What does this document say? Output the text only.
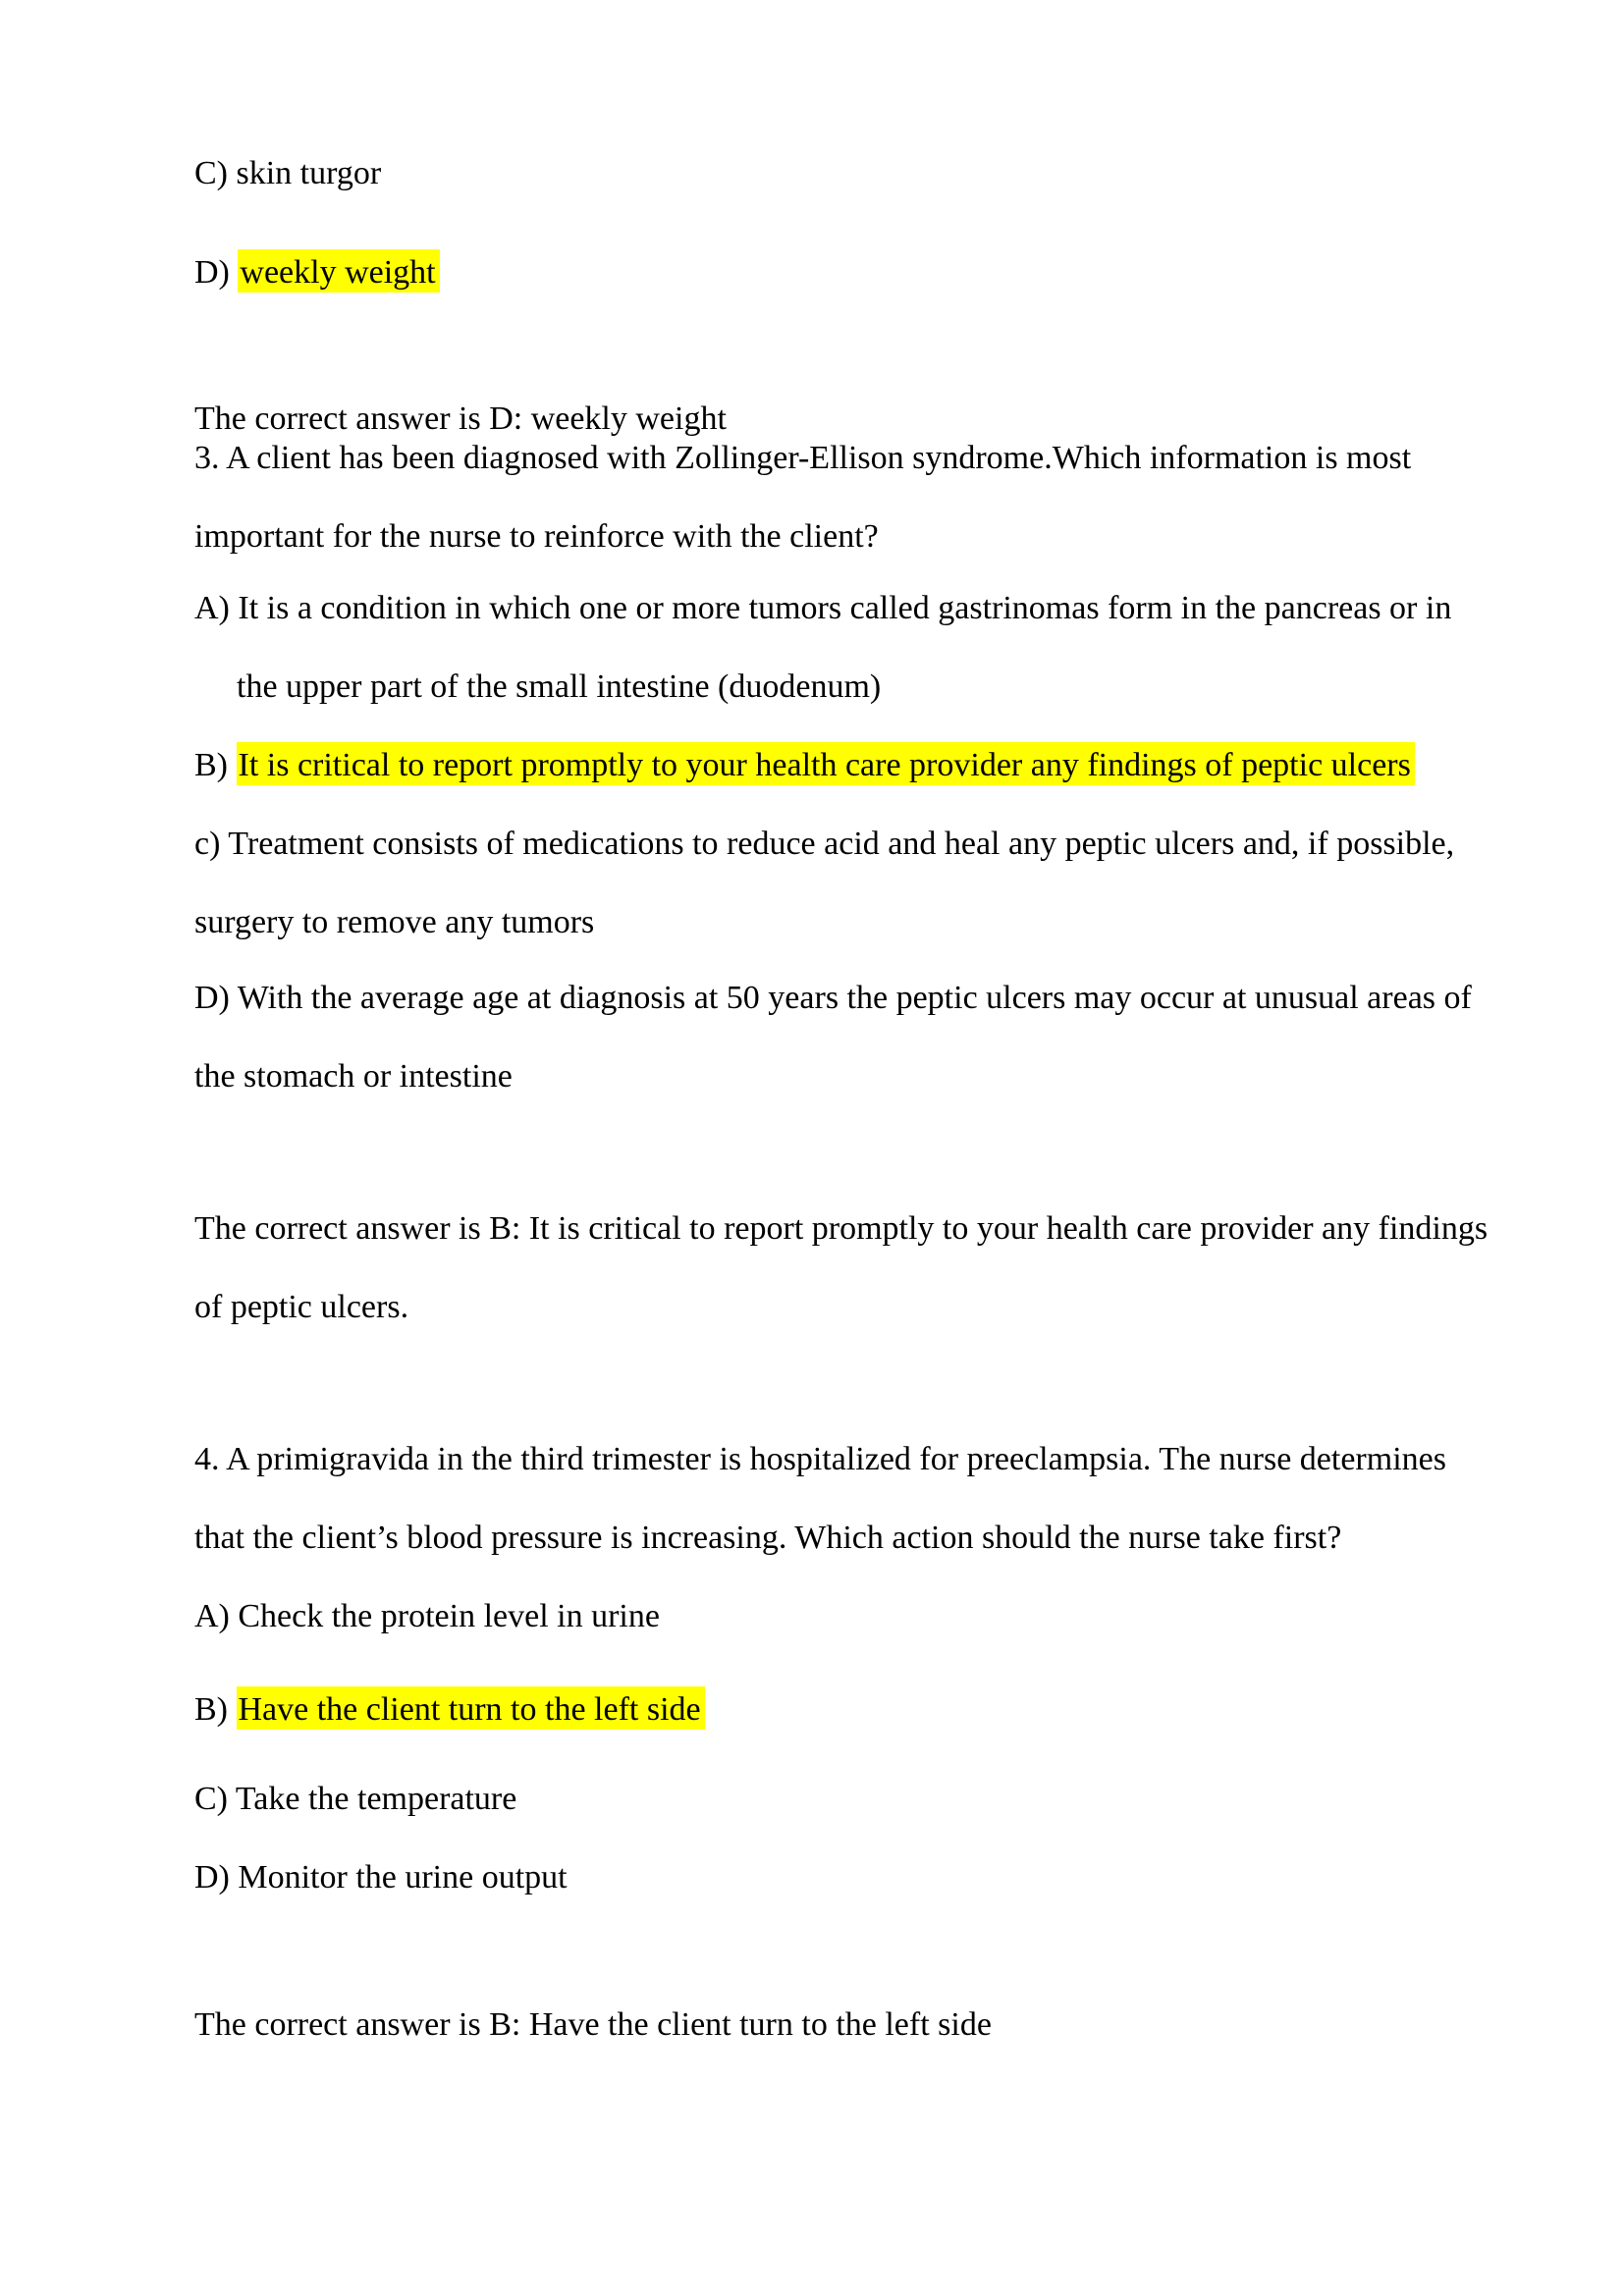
C) skin turgor
D) weekly weight
The correct answer is D: weekly weight
3. A client has been diagnosed with Zollinger-Ellison syndrome.Which information is most
important for the nurse to reinforce with the client?
A) It is a condition in which one or more tumors called gastrinomas form in the pancreas or in
the upper part of the small intestine (duodenum)
B) It is critical to report promptly to your health care provider any findings of peptic ulcers
c) Treatment consists of medications to reduce acid and heal any peptic ulcers and, if possible,
surgery to remove any tumors
D) With the average age at diagnosis at 50 years the peptic ulcers may occur at unusual areas of
the stomach or intestine
The correct answer is B: It is critical to report promptly to your health care provider any findings
of peptic ulcers.
4. A primigravida in the third trimester is hospitalized for preeclampsia. The nurse determines
that the client’s blood pressure is increasing. Which action should the nurse take first?
A) Check the protein level in urine
B) Have the client turn to the left side
C) Take the temperature
D) Monitor the urine output
The correct answer is B: Have the client turn to the left side
